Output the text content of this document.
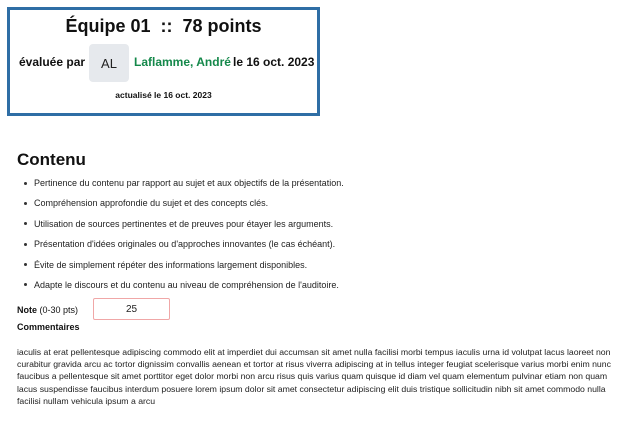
Équipe 01 :: 78 points
évaluée par	AL	Laflamme, André le 16 oct. 2023
actualisé le 16 oct. 2023
Contenu
Pertinence du contenu par rapport au sujet et aux objectifs de la présentation.
Compréhension approfondie du sujet et des concepts clés.
Utilisation de sources pertinentes et de preuves pour étayer les arguments.
Présentation d'idées originales ou d'approches innovantes (le cas échéant).
Évite de simplement répéter des informations largement disponibles.
Adapte le discours et du contenu au niveau de compréhension de l'auditoire.
Note (0-30 pts)
25
Commentaires
iaculis at erat pellentesque adipiscing commodo elit at imperdiet dui accumsan sit amet nulla facilisi morbi tempus iaculis urna id volutpat lacus laoreet non curabitur gravida arcu ac tortor dignissim convallis aenean et tortor at risus viverra adipiscing at in tellus integer feugiat scelerisque varius morbi enim nunc faucibus a pellentesque sit amet porttitor eget dolor morbi non arcu risus quis varius quam quisque id diam vel quam elementum pulvinar etiam non quam lacus suspendisse faucibus interdum posuere lorem ipsum dolor sit amet consectetur adipiscing elit duis tristique sollicitudin nibh sit amet commodo nulla facilisi nullam vehicula ipsum a arcu
